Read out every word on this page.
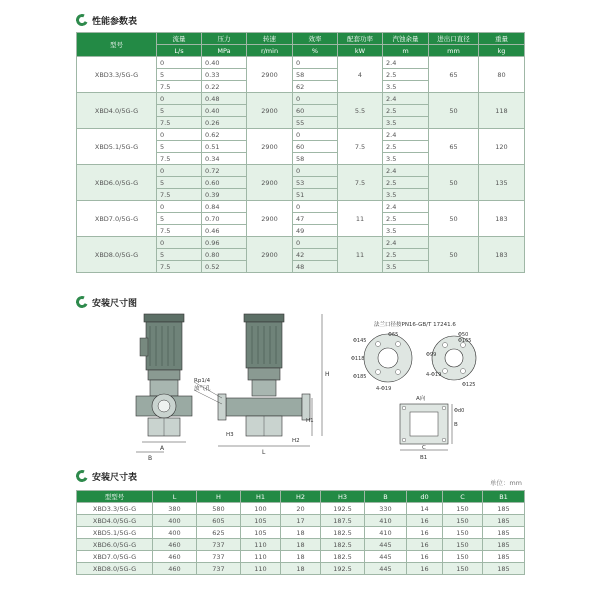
性能参数表
型号	流量	压力	转速	效率	配套功率	汽蚀余量	进出口直径	重量
	L/s	MPa	r/min	%	kW	m	mm	kg
XBD3.3/5G-G	0	0.40	2900	0	4	2.4	65	80
	5	0.33		58		2.5		
	7.5	0.22		62		3.5		
XBD4.0/5G-G	0	0.48	2900	0	5.5	2.4	50	118
	5	0.40		60		2.5		
	7.5	0.26		55		3.5		
XBD5.1/5G-G	0	0.62	2900	0	7.5	2.4	65	120
	5	0.51		60		2.5		
	7.5	0.34		58		3.5		
XBD6.0/5G-G	0	0.72	2900	0	7.5	2.4	50	135
	5	0.60		53		2.5		
	7.5	0.39		51		3.5		
XBD7.0/5G-G	0	0.84	2900	0	11	2.4	50	183
	5	0.70		47		2.5		
	7.5	0.46		49		3.5		
XBD8.0/5G-G	0	0.96	2900	0	11	2.4	50	183
	5	0.80		42		2.5		
	7.5	0.52		48		3.5		
安装尺寸图
A
B
Rp1/4
放气孔
H
H1
H2
L
H3
法兰口径按PN16-GB/T 17241.6
Φ65
Φ145
Φ118
Φ185
4-Φ19
Φ50
Φ99
Φ125
Φ165
4-Φ19
A向
Φd0
B
C
B1
安装尺寸表
单位：mm
型型号	L	H	H1	H2	H3	B	d0	C	B1
XBD3.3/5G-G	380	580	100	20	192.5	330	14	150	185
XBD4.0/5G-G	400	605	105	17	187.5	410	16	150	185
XBD5.1/5G-G	400	625	105	18	182.5	410	16	150	185
XBD6.0/5G-G	460	737	110	18	182.5	445	16	150	185
XBD7.0/5G-G	460	737	110	18	182.5	445	16	150	185
XBD8.0/5G-G	460	737	110	18	192.5	445	16	150	185
